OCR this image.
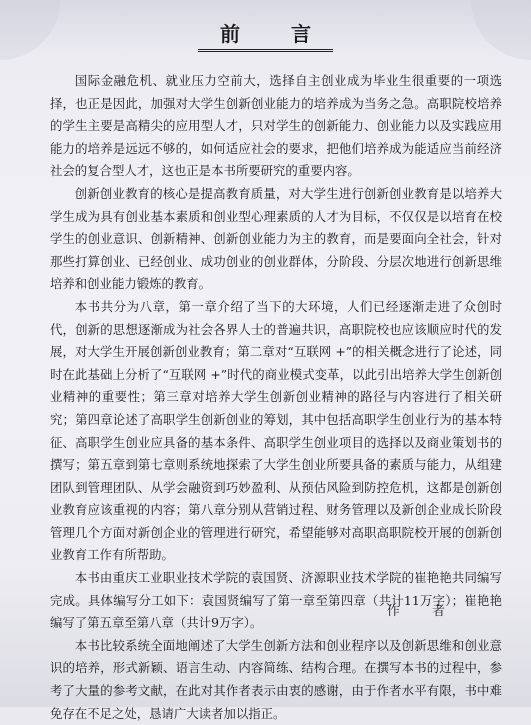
前 言

国际金融危机、就业压力空前大，选择自主创业成为毕业生很重要的一项选择，也正是因此，加强对大学生创新创业能力的培养成为当务之急。高职院校培养的学生主要是高精尖的应用型人才，只对学生的创新能力、创业能力以及实践应用能力的培养是远远不够的，如何适应社会的要求，把他们培养成为能适应当前经济社会的复合型人才，这也正是本书所要研究的重要内容。

创新创业教育的核心是提高教育质量，对大学生进行创新创业教育是以培养大学生成为具有创业基本素质和创业型心理素质的人才为目标，不仅仅是以培育在校学生的创业意识、创新精神、创新创业能力为主的教育，而是要面向全社会，针对那些打算创业、已经创业、成功创业的创业群体，分阶段、分层次地进行创新思维培养和创业能力锻炼的教育。

本书共分为八章，第一章介绍了当下的大环境，人们已经逐渐走进了众创时代，创新的思想逐渐成为社会各界人士的普遍共识，高职院校也应该顺应时代的发展，对大学生开展创新创业教育；第二章对“互联网 +”的相关概念进行了论述，同时在此基础上分析了“互联网 +”时代的商业模式变革，以此引出培养大学生创新创业精神的重要性；第三章对培养大学生创新创业精神的路径与内容进行了相关研究；第四章论述了高职学生创新创业的筹划，其中包括高职学生创业行为的基本特征、高职学生创业应具备的基本条件、高职学生创业项目的选择以及商业策划书的撰写；第五章到第七章则系统地探索了大学生创业所要具备的素质与能力，从组建团队到管理团队、从学会融资到巧妙盈利、从预估风险到防控危机，这都是创新创业教育应该重视的内容；第八章分别从营销过程、财务管理以及新创企业成长阶段管理几个方面对新创企业的管理进行研究，希望能够对高职高职院校开展的创新创业教育工作有所帮助。

本书由重庆工业职业技术学院的袁国贤、济源职业技术学院的崔艳艳共同编写完成。具体编写分工如下：袁国贤编写了第一章至第四章（共计11万字）；崔艳艳编写了第五章至第八章（共计9万字）。

本书比较系统全面地阐述了大学生创新方法和创业程序以及创新思维和创业意识的培养，形式新颖、语言生动、内容简练、结构合理。在撰写本书的过程中，参考了大量的参考文献，在此对其作者表示由衷的感谢，由于作者水平有限，书中难免存在不足之处，恳请广大读者加以指正。

作 者
